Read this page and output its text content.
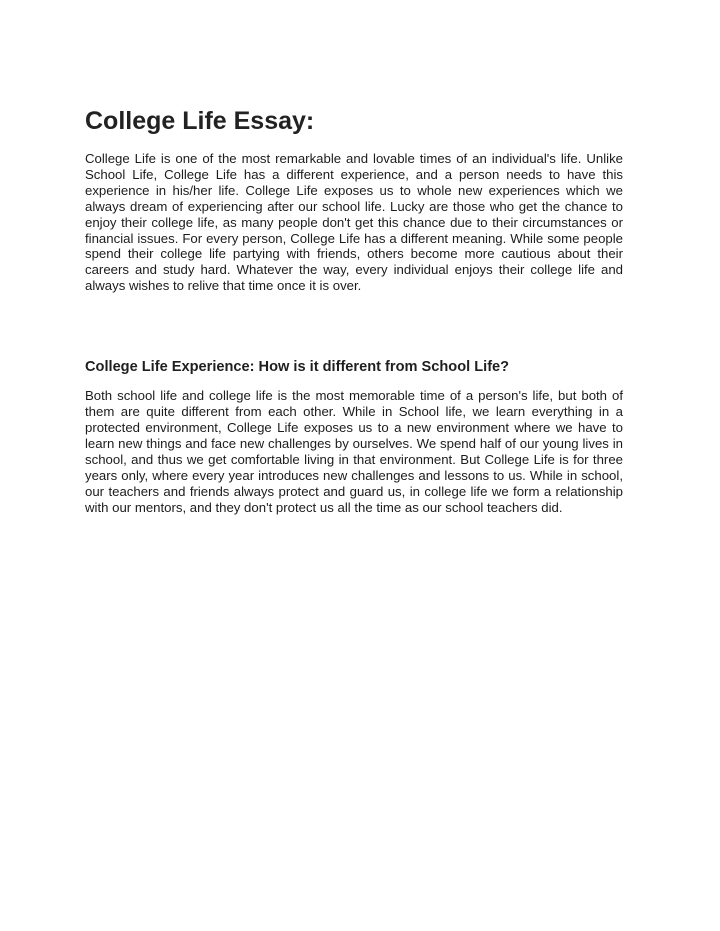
College Life Essay:

College Life is one of the most remarkable and lovable times of an individual's life. Unlike School Life, College Life has a different experience, and a person needs to have this experience in his/her life. College Life exposes us to whole new experiences which we always dream of experiencing after our school life. Lucky are those who get the chance to enjoy their college life, as many people don't get this chance due to their circumstances or financial issues. For every person, College Life has a different meaning. While some people spend their college life partying with friends, others become more cautious about their careers and study hard. Whatever the way, every individual enjoys their college life and always wishes to relive that time once it is over.

College Life Experience: How is it different from School Life?

Both school life and college life is the most memorable time of a person's life, but both of them are quite different from each other. While in School life, we learn everything in a protected environment, College Life exposes us to a new environment where we have to learn new things and face new challenges by ourselves. We spend half of our young lives in school, and thus we get comfortable living in that environment. But College Life is for three years only, where every year introduces new challenges and lessons to us. While in school, our teachers and friends always protect and guard us, in college life we form a relationship with our mentors, and they don't protect us all the time as our school teachers did.
